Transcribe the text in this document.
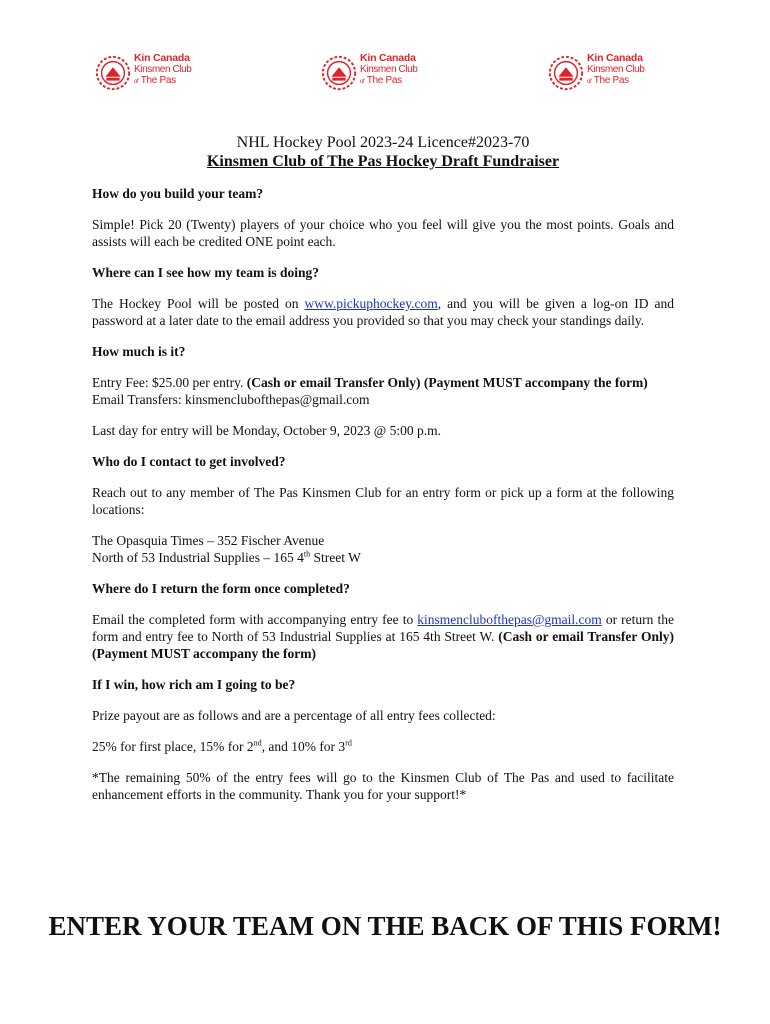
Kin Canada
Kinsmen Club
of The Pas
Kin Canada
Kinsmen Club
of The Pas
Kin Canada
Kinsmen Club
of The Pas

NHL Hockey Pool 2023-24 Licence#2023-70

Kinsmen Club of The Pas Hockey Draft Fundraiser

How do you build your team?

Simple! Pick 20 (Twenty) players of your choice who you feel will give you the most points. Goals and assists will each be credited ONE point each.

Where can I see how my team is doing?

The Hockey Pool will be posted on www.pickuphockey.com, and you will be given a log-on ID and password at a later date to the email address you provided so that you may check your standings daily.

How much is it?

Entry Fee: $25.00 per entry. (Cash or email Transfer Only) (Payment MUST accompany the form)

Email Transfers: kinsmenclubofthepas@gmail.com

Last day for entry will be Monday, October 9, 2023 @ 5:00 p.m.

Who do I contact to get involved?

Reach out to any member of The Pas Kinsmen Club for an entry form or pick up a form at the following locations:

The Opasquia Times – 352 Fischer Avenue

North of 53 Industrial Supplies – 165 4th Street W

Where do I return the form once completed?

Email the completed form with accompanying entry fee to kinsmenclubofthepas@gmail.com or return the form and entry fee to North of 53 Industrial Supplies at 165 4th Street W. (Cash or email Transfer Only) (Payment MUST accompany the form)

If I win, how rich am I going to be?

Prize payout are as follows and are a percentage of all entry fees collected:

25% for first place, 15% for 2nd, and 10% for 3rd

*The remaining 50% of the entry fees will go to the Kinsmen Club of The Pas and used to facilitate enhancement efforts in the community. Thank you for your support!*

ENTER YOUR TEAM ON THE BACK OF THIS FORM!
